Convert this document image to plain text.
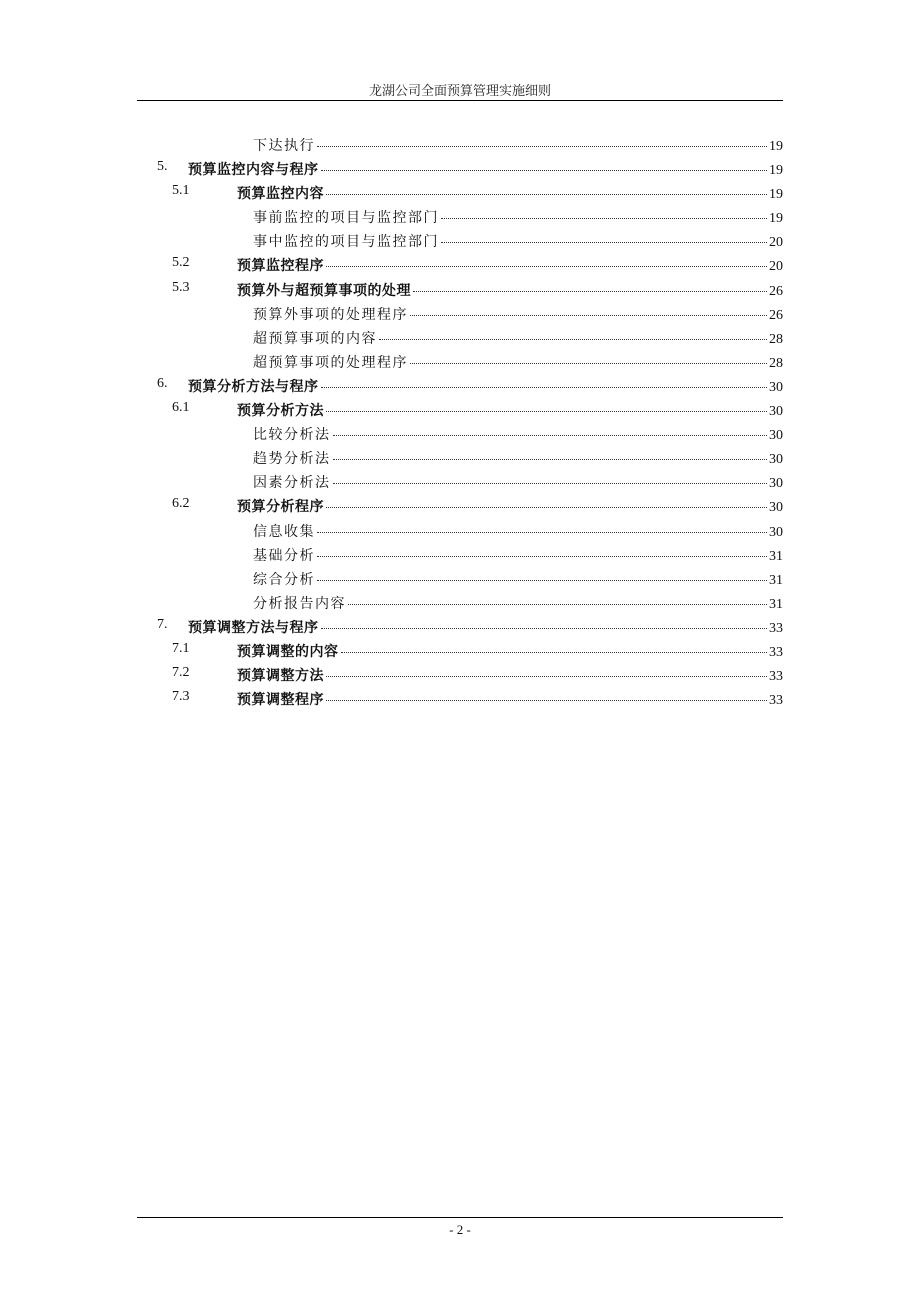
龙湖公司全面预算管理实施细则
下达执行	19
5. 预算监控内容与程序	19
5.1	预算监控内容	19
事前监控的项目与监控部门	19
事中监控的项目与监控部门	20
5.2	预算监控程序	20
5.3	预算外与超预算事项的处理	26
预算外事项的处理程序	26
超预算事项的内容	28
超预算事项的处理程序	28
6. 预算分析方法与程序	30
6.1	预算分析方法	30
比较分析法	30
趋势分析法	30
因素分析法	30
6.2	预算分析程序	30
信息收集	30
基础分析	31
综合分析	31
分析报告内容	31
7. 预算调整方法与程序	33
7.1	预算调整的内容	33
7.2	预算调整方法	33
7.3	预算调整程序	33
- 2 -
